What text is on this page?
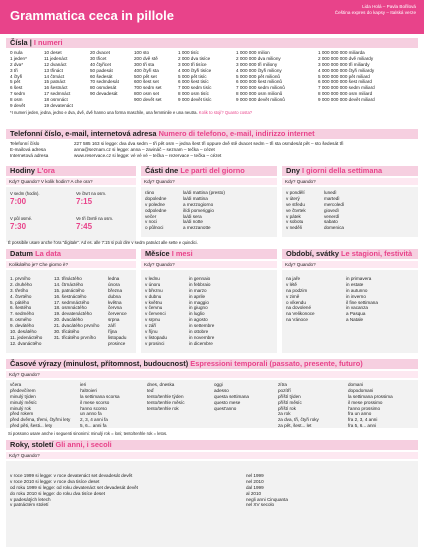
Grammatica ceca in pillole
Lida Holá – Pavla Bořilová
Čeština expres do kapsy – Italská verze
Čísla | I numeri
0 nula
1 jeden*
2 dva*
3 tři
4 čtyři
5 pět
6 šest
7 sedm
8 osm
9 devět
10 deset
11 jedenáct
12 dvanáct
13 třináct
14 čtrnáct
15 patnáct
16 šestnáct
17 sedmnáct
18 osmnáct
19 devatenáct
20 dvacet
30 třicet
40 čtyřicet
50 padesát
60 šedesát
70 sedmdesát
80 osmdesát
90 devadesát
100 sto
200 dvě stě
300 tři sta
400 čtyři sta
500 pět set
600 šest set
700 sedm set
800 osm set
900 devět set
1 000 tisíc
2 000 dva tisíce
3 000 tři tisíce
4 000 čtyři tisíce
5 000 pět tisíc
6 000 šest tisíc
7 000 sedm tisíc
8 000 osm tisíc
9 000 devět tisíc
1 000 000 milion
2 000 000 dva miliony
3 000 000 tři miliony
4 000 000 čtyři miliony
5 000 000 pět milionů
6 000 000 šest milionů
7 000 000 sedm milionů
8 000 000 osm milionů
9 000 000 devět milionů
1 000 000 000 miliarda
2 000 000 000 dvě miliardy
3 000 000 000 tři miliardy
4 000 000 000 čtyři miliardy
5 000 000 000 pět miliard
6 000 000 000 šest miliard
7 000 000 000 sedm miliard
8 000 000 000 osm miliard
9 000 000 000 devět miliard
*I numeri jeden, jedna, jedno e dva, dvě, dvě hanno una forma maschile, una femminile e una neutra. Kolik to stojí? Quanto costa?
Telefonní číslo, e-mail, internetová adresa Numero di telefono, e-mail, indirizzo internet
Telefonní číslo
E-mailová adresa
Internetová adresa
227 585 163 si legge: dva dva sedm – tři pět osm – jedna šest tři oppure dvě stě dvacet sedm – tři sta osmdesát pět – sto šedesát tři
anna@seznam.cz si legge: anna – zavináč – seznam – tečka – cézet
www.reservace.cz si legge: vé vé vé – tečka – rezervace – tečka – cézet
Hodiny L'ora
Kdy? Quando? V kolik hodin? A che ora?
V sedm (hodin).
7:00
Ve čtvrt na osm.
7:15
V půl osmé.
7:30
Ve tři čtvrtě na osm.
7:45
Části dne Le parti del giorno
Kdy? Quando?
ráno
dopoledne
v poledne
odpoledne
večer
v noci
o půlnoci
la/di mattina (presto)
la/di mattina
a mezzogiorno
il/di pomeriggio
la/di sera
la/di notte
a mezzanotte
Dny I giorni della settimana
Kdy? Quando?
v pondělí
v úterý
ve středu
ve čtvrtek
v pátek
v sobotu
v neděli
lunedì
martedì
mercoledì
giovedì
venerdì
sabato
domenica
È possibile usare anche l'ora "digitale". Ad es. alle 7:15 si può dire v sedm patnáct alle sette e quindici.
Datum La data
Kolikátého je? Che giorno è?
1. prvního
2. druhého
3. třetího
4. čtvrtého
5. pátého
6. šestého
7. sedmého
8. osmého
9. devátého
10. desátého
11. jedenáctého
12. dvanáctého
13. třináctého
14. čtrnáctého
15. patnáctého
16. šestnáctého
17. sedmnáctého
18. osmnáctého
19. devatenáctého
20. dvacátého
21. dvacátého prvního
30. třicátého
31. třicátého prvního
ledna
února
března
dubna
května
června
července
srpna
září
října
listopadu
prosince
Měsíce I mesi
Kdy? Quando?
v lednu
v únoru
v březnu
v dubnu
v květnu
v červnu
v červenci
v srpnu
v září
v říjnu
v listopadu
v prosinci
in gennaio
in febbraio
in marzo
in aprile
in maggio
in giugno
in luglio
in agosto
in settembre
in ottobre
in novembre
in dicembre
Období, svátky Le stagioni, festività
Kdy? Quando?
na jaře
v létě
na podzim
v zimě
o víkendu
na dovolené
na Velikonoce
na Vánoce
in primavera
in estate
in autunno
in inverno
il fine settimana
in vacanza
a Pasqua
a Natale
Časové výrazy (minulost, přítomnost, budoucnost) Espressioni temporali (passato, presente, futuro)
Kdy? Quando?
včera
předevčírem
minulý týden
minulý měsíc
minulý rok
před rokem
před dvěma, třemi, čtyřmi lety
před pěti, šesti... lety
ieri
l'altroieri
la settimana scorsa
il mese scorso
l'anno scorso
un anno fa
2, 3, 4 anni fa
5, 6... anni fa
dnes, dneska
teď
tento/tenhle týden
tento/tenhle měsíc
tento/tenhle rok
oggi
adesso
questa settimana
questo mese
quest'anno
zítra
pozítří
příští týden
příští měsíc
příští rok
za rok
za dva, tři, čtyři roky
za pět, šest... let
domani
dopodomani
la settimana prossima
il mese prossimo
l'anno prossimo
fra un anno
fra 2, 3, 4 anni
fra 5, 6... anni
Si possono usare anche i seguenti sinonimi: minulý rok = loni; tento/tenhle rok = letos.
Roky, století Gli anni, i secoli
Kdy? Quando?
v roce 1999 si legge: v roce devatenáct set devadesát devět
v roce 2010 si legge: v roce dva tisíce deset
od roku 1999 si legge: od roku devatenáct set devadesát devět
do roku 2010 si legge: do roku dva tisíce deset
v padesátých letech
v patnáctém století
nel 1999
nel 2010
dal 1999
al 2010
negli anni Cinquanta
nel XV secolo
